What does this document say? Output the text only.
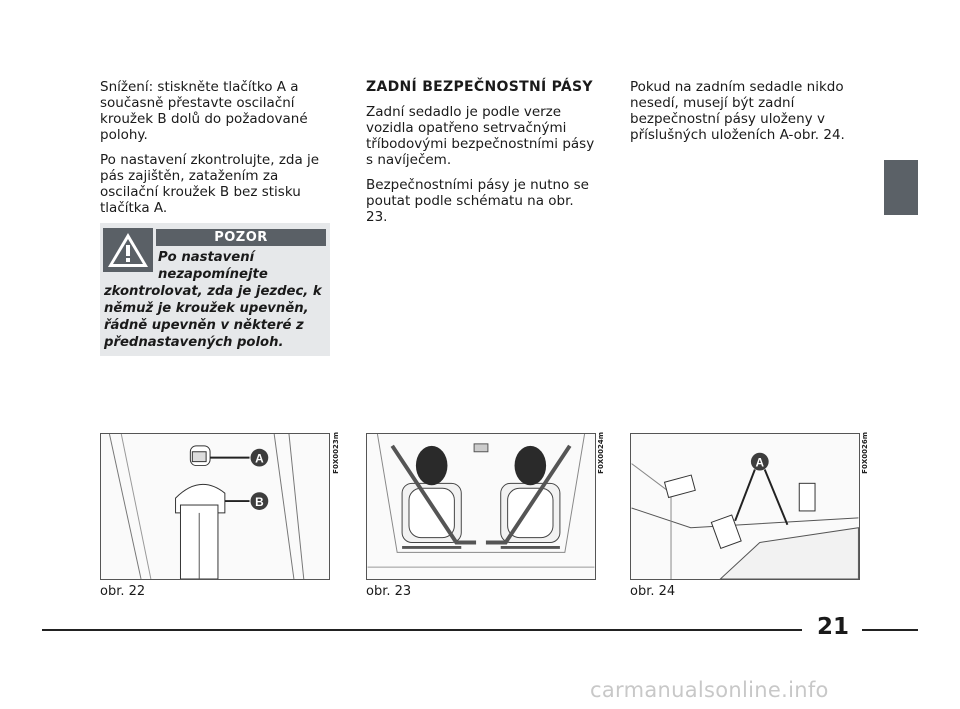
Snížení: stiskněte tlačítko A a současně přestavte oscilační kroužek B dolů do požadované polohy.

Po nastavení zkontrolujte, zda je pás zajištěn, zatažením za oscilační kroužek B bez stisku tlačítka A.

POZOR
Po nastavení
nezapomínejte
zkontrolovat, zda je jezdec, k němuž je kroužek upevněn, řádně upevněn v některé z přednastavených poloh.
ZADNÍ BEZPEČNOSTNÍ PÁSY

Zadní sedadlo je podle verze vozidla opatřeno setrvačnými tříbodovými bezpečnostními pásy s navíječem.

Bezpečnostními pásy je nutno se poutat podle schématu na obr. 23.

Pokud na zadním sedadle nikdo nesedí, musejí být zadní bezpečnostní pásy uloženy v příslušných uloženích A-obr. 24.

A
B
F0X0023m
obr. 22
F0X0024m
obr. 23
A	F0X0026m
obr. 24
21
carmanualsonline.info
